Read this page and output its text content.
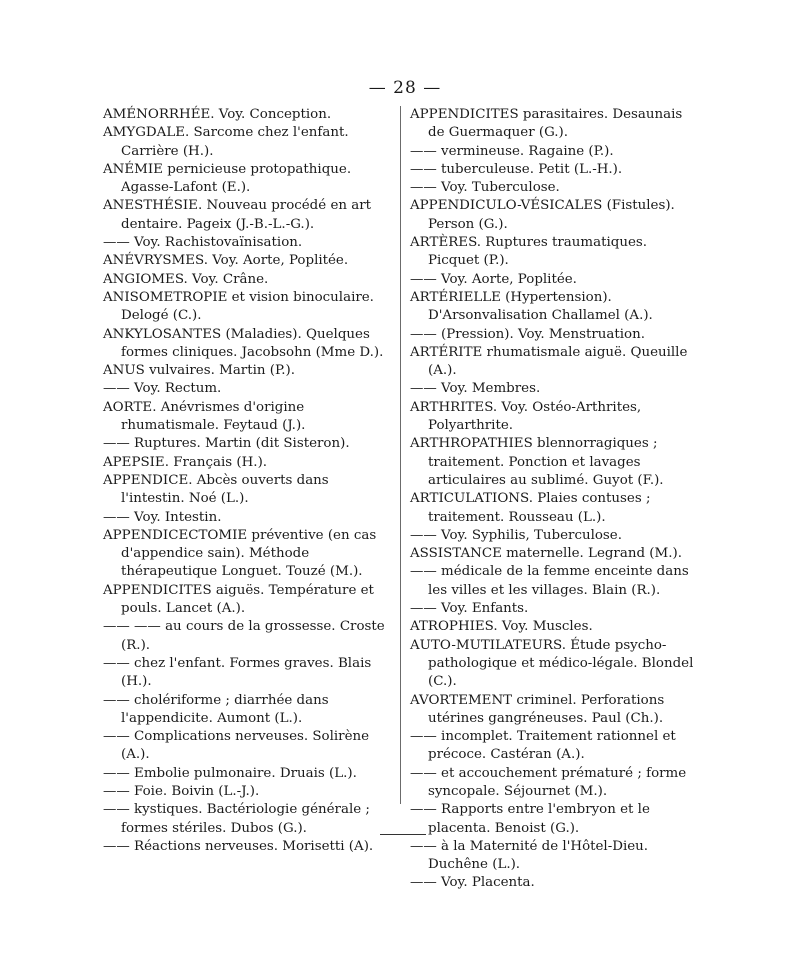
— 28 —

AMÉNORRHÉE. Voy. Conception.

AMYGDALE. Sarcome chez l'enfant. Carrière (H.).

ANÉMIE pernicieuse protopathique. Agasse-Lafont (E.).

ANESTHÉSIE. Nouveau procédé en art dentaire. Pageix (J.-B.-L.-G.).

—— Voy. Rachistovaïnisation.

ANÉVRYSMES. Voy. Aorte, Poplitée.

ANGIOMES. Voy. Crâne.

ANISOMETROPIE et vision binoculaire. Delogé (C.).

ANKYLOSANTES (Maladies). Quelques formes cliniques. Jacobsohn (Mme D.).

ANUS vulvaires. Martin (P.).

—— Voy. Rectum.

AORTE. Anévrismes d'origine rhumatismale. Feytaud (J.).

—— Ruptures. Martin (dit Sisteron).

APEPSIE. Français (H.).

APPENDICE. Abcès ouverts dans l'intestin. Noé (L.).

—— Voy. Intestin.

APPENDICECTOMIE préventive (en cas d'appendice sain). Méthode thérapeutique Longuet. Touzé (M.).

APPENDICITES aiguës. Température et pouls. Lancet (A.).

—— —— au cours de la grossesse. Croste (R.).

—— chez l'enfant. Formes graves. Blais (H.).

—— cholériforme ; diarrhée dans l'appendicite. Aumont (L.).

—— Complications nerveuses. Solirène (A.).

—— Embolie pulmonaire. Druais (L.).

—— Foie. Boivin (L.-J.).

—— kystiques. Bactériologie générale ; formes stériles. Dubos (G.).

—— Réactions nerveuses. Morisetti (A).

APPENDICITES parasitaires. Desaunais de Guermaquer (G.).

—— vermineuse. Ragaine (P.).

—— tuberculeuse. Petit (L.-H.).

—— Voy. Tuberculose.

APPENDICULO-VÉSICALES (Fistules). Person (G.).

ARTÈRES. Ruptures traumatiques. Picquet (P.).

—— Voy. Aorte, Poplitée.

ARTÉRIELLE (Hypertension). D'Arsonvalisation Challamel (A.).

—— (Pression). Voy. Menstruation.

ARTÉRITE rhumatismale aiguë. Queuille (A.).

—— Voy. Membres.

ARTHRITES. Voy. Ostéo-Arthrites, Polyarthrite.

ARTHROPATHIES blennorragiques ; traitement. Ponction et lavages articulaires au sublimé. Guyot (F.).

ARTICULATIONS. Plaies contuses ; traitement. Rousseau (L.).

—— Voy. Syphilis, Tuberculose.

ASSISTANCE maternelle. Legrand (M.).

—— médicale de la femme enceinte dans les villes et les villages. Blain (R.).

—— Voy. Enfants.

ATROPHIES. Voy. Muscles.

AUTO-MUTILATEURS. Étude psycho-pathologique et médico-légale. Blondel (C.).

AVORTEMENT criminel. Perforations utérines gangréneuses. Paul (Ch.).

—— incomplet. Traitement rationnel et précoce. Castéran (A.).

—— et accouchement prématuré ; forme syncopale. Séjournet (M.).

—— Rapports entre l'embryon et le placenta. Benoist (G.).

—— à la Maternité de l'Hôtel-Dieu. Duchêne (L.).

—— Voy. Placenta.
